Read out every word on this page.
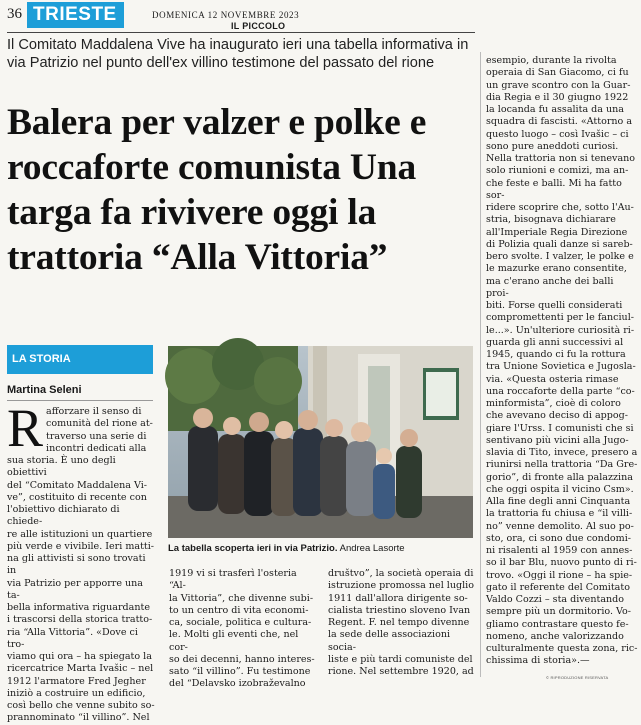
36 TRIESTE	DOMENICA 12 NOVEMBRE 2023
IL PICCOLO
Il Comitato Maddalena Vive ha inaugurato ieri una tabella informativa in via Patrizio nel punto dell'ex villino testimone del passato del rione
Balera per valzer e polke e roccaforte comunista Una targa fa rivivere oggi la trattoria “Alla Vittoria”
LA STORIA
Martina Seleni
R afforzare il senso di
comunità del rione at-
traverso una serie di
incontri dedicati alla
sua storia. È uno degli obiettivi
del “Comitato Maddalena Vi-
ve”, costituito di recente con
l'obiettivo dichiarato di chiede-
re alle istituzioni un quartiere
più verde e vivibile. Ieri matti-
na gli attivisti si sono trovati in
via Patrizio per apporre una ta-
bella informativa riguardante
i trascorsi della storica tratto-
ria “Alla Vittoria”. «Dove ci tro-
viamo qui ora – ha spiegato la
ricercatrice Marta Ivašic – nel
1912 l'armatore Fred Jegher
iniziò a costruire un edificio,
così bello che venne subito so-
prannominato “il villino”. Nel
1919 vi si trasferì l'osteria “Al-
la Vittoria”, che divenne subi-
to un centro di vita economi-
ca, sociale, politica e cultura-
le. Molti gli eventi che, nel cor-
so dei decenni, hanno interes-
sato “il villino”. Fu testimone
del “Delavsko izobraževalno
društvo”, la società operaia di
istruzione promossa nel luglio
1911 dall'allora dirigente so-
cialista triestino sloveno Ivan
Regent. F. nel tempo divenne
la sede delle associazioni socia-
liste e più tardi comuniste del
rione. Nel settembre 1920, ad
esempio, durante la rivolta
operaia di San Giacomo, ci fu
un grave scontro con la Guar-
dia Regia e il 30 giugno 1922
la locanda fu assalita da una
squadra di fascisti. «Attorno a
questo luogo – così Ivašic – ci
sono pure aneddoti curiosi.
Nella trattoria non si tenevano
solo riunioni e comizi, ma an-
che feste e balli. Mi ha fatto sor-
ridere scoprire che, sotto l'Au-
stria, bisognava dichiarare
all'Imperiale Regia Direzione
di Polizia quali danze si sareb-
bero svolte. I valzer, le polke e
le mazurke erano consentite,
ma c'erano anche dei balli proi-
biti. Forse quelli considerati
compromettenti per le fanciul-
le...». Un'ulteriore curiosità ri-
guarda gli anni successivi al
1945, quando ci fu la rottura
tra Unione Sovietica e Jugosla-
via. «Questa osteria rimase
una roccaforte della parte “co-
minformista”, cioè di coloro
che avevano deciso di appog-
giare l'Urss. I comunisti che si
sentivano più vicini alla Jugo-
slavia di Tito, invece, presero a
riunirsi nella trattoria “Da Gre-
gorio”, di fronte alla palazzina
che oggi ospita il vicino Csm».
Alla fine degli anni Cinquanta
la trattoria fu chiusa e “il villi-
no” venne demolito. Al suo po-
sto, ora, ci sono due condomi-
ni risalenti al 1959 con annes-
so il bar Blu, nuovo punto di ri-
trovo. «Oggi il rione – ha spie-
gato il referente del Comitato
Valdo Cozzi – sta diventando
sempre più un dormitorio. Vo-
gliamo contrastare questo fe-
nomeno, anche valorizzando
culturalmente questa zona, ric-
chissima di storia».—
La tabella scoperta ieri in via Patrizio. Andrea Lasorte
© RIPRODUZIONE RISERVATA
